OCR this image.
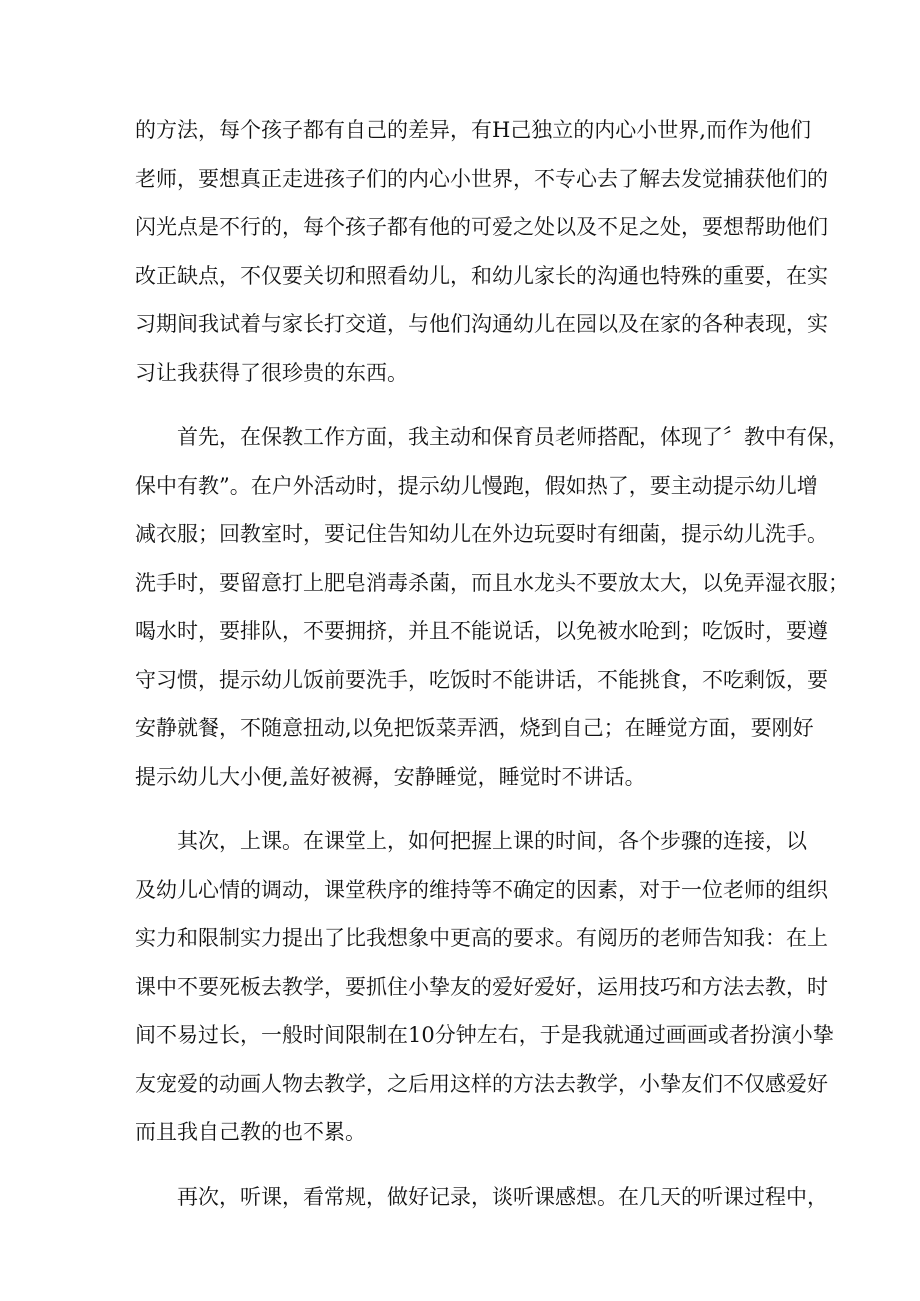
的方法，每个孩子都有自己的差异，有H己独立的内心小世界,而作为他们
老师，要想真正走进孩子们的内心小世界，不专心去了解去发觉捕获他们的
闪光点是不行的，每个孩子都有他的可爱之处以及不足之处，要想帮助他们
改正缺点，不仅要关切和照看幼儿，和幼儿家长的沟通也特殊的重要，在实
习期间我试着与家长打交道，与他们沟通幼儿在园以及在家的各种表现，实
习让我获得了很珍贵的东西。
　　首先，在保教工作方面，我主动和保育员老师搭配，体现了〞教中有保，
保中有教”。在户外活动时，提示幼儿慢跑，假如热了，要主动提示幼儿增
减衣服；回教室时，要记住告知幼儿在外边玩耍时有细菌，提示幼儿洗手。
洗手时，要留意打上肥皂消毒杀菌，而且水龙头不要放太大，以免弄湿衣服；
喝水时，要排队，不要拥挤，并且不能说话，以免被水呛到；吃饭时，要遵
守习惯，提示幼儿饭前要洗手，吃饭时不能讲话，不能挑食，不吃剩饭，要
安静就餐，不随意扭动,以免把饭菜弄洒，烧到自己；在睡觉方面，要刚好
提示幼儿大小便,盖好被褥，安静睡觉，睡觉时不讲话。
　　其次，上课。在课堂上，如何把握上课的时间，各个步骤的连接，以
及幼儿心情的调动，课堂秩序的维持等不确定的因素，对于一位老师的组织
实力和限制实力提出了比我想象中更高的要求。有阅历的老师告知我：在上
课中不要死板去教学，要抓住小挚友的爱好爱好，运用技巧和方法去教，时
间不易过长，一般时间限制在10分钟左右，于是我就通过画画或者扮演小挚
友宠爱的动画人物去教学，之后用这样的方法去教学，小挚友们不仅感爱好
而且我自己教的也不累。
　　再次，听课，看常规，做好记录，谈听课感想。在几天的听课过程中，
